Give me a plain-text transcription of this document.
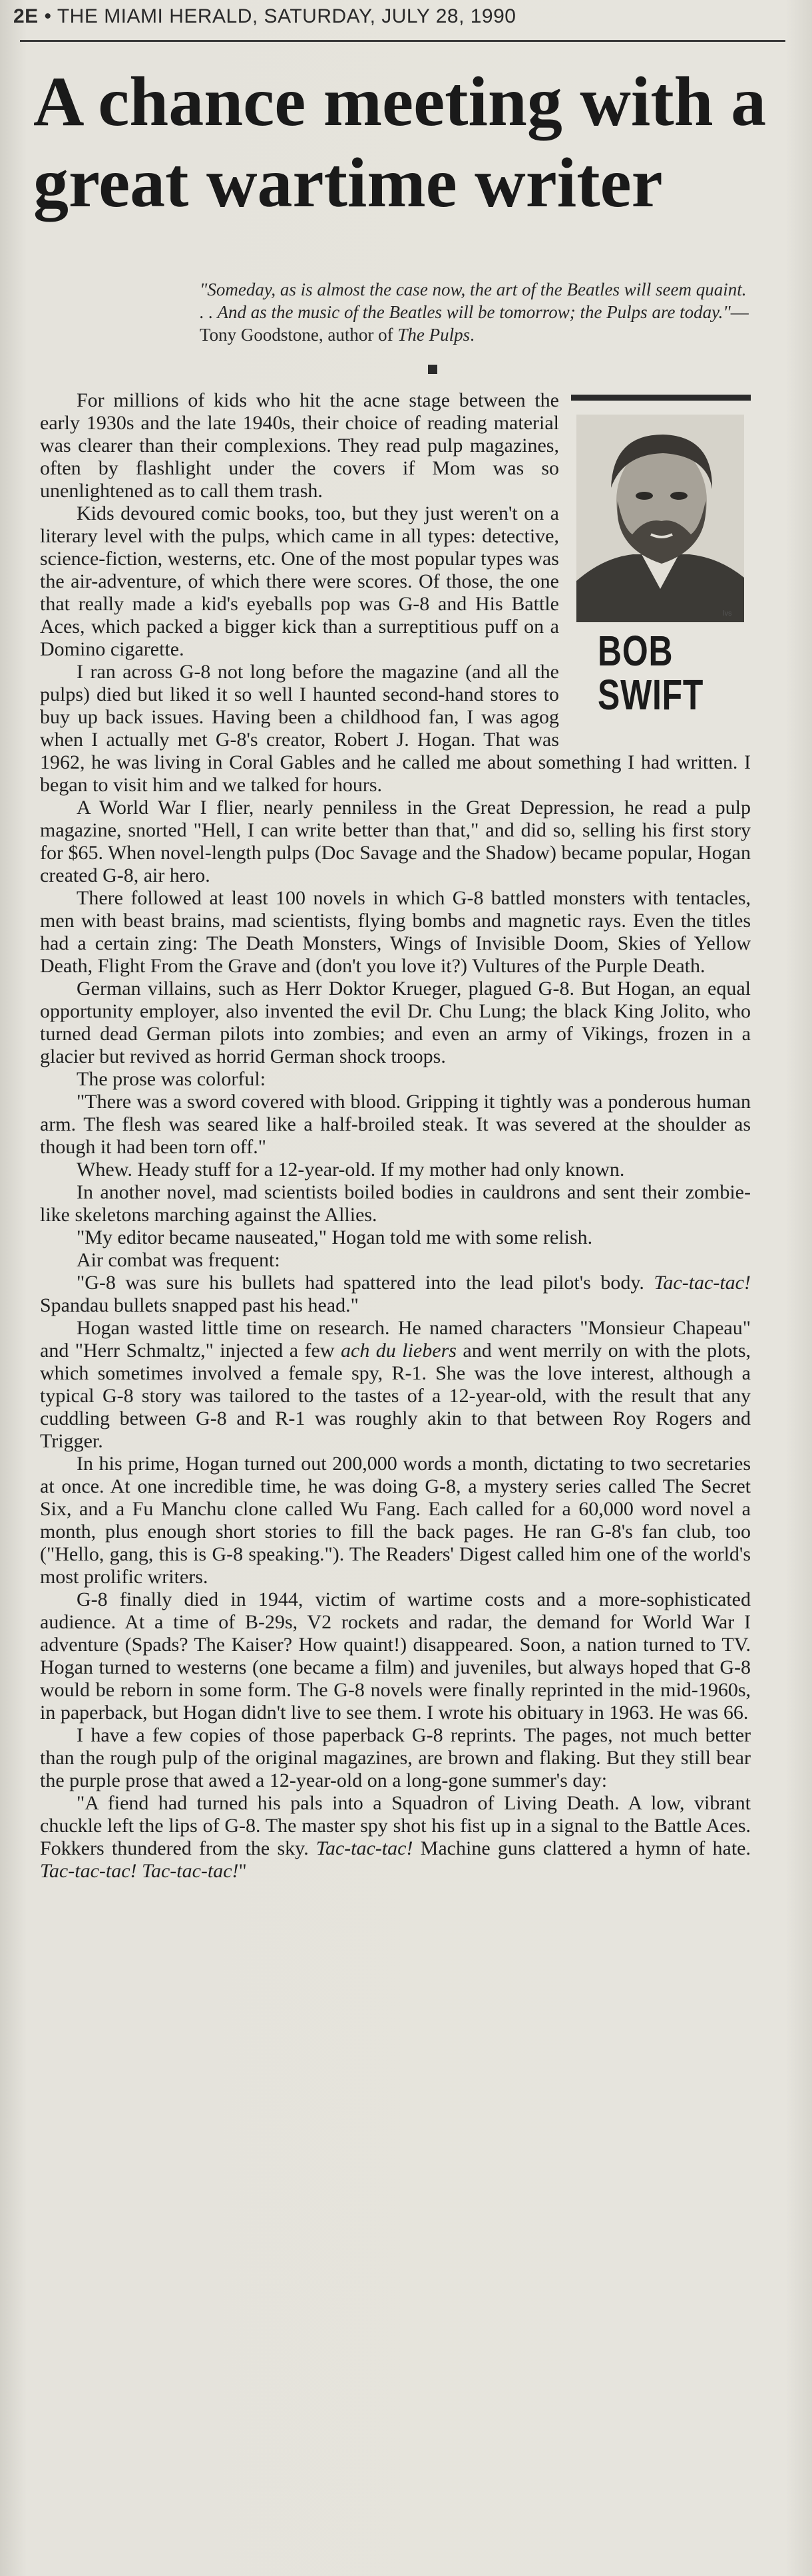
2E • THE MIAMI HERALD, SATURDAY, JULY 28, 1990
A chance meeting with a great wartime writer

"Someday, as is almost the case now, the art of the Beatles will seem quaint. . . And as the music of the Beatles will be tomorrow; the Pulps are today."— Tony Goodstone, author of The Pulps.

lvs
BOB
SWIFT

For millions of kids who hit the acne stage between the early 1930s and the late 1940s, their choice of reading material was clearer than their complexions. They read pulp magazines, often by flashlight under the covers if Mom was so unenlightened as to call them trash.

Kids devoured comic books, too, but they just weren't on a literary level with the pulps, which came in all types: detective, science-fiction, westerns, etc. One of the most popular types was the air-adventure, of which there were scores. Of those, the one that really made a kid's eyeballs pop was G-8 and His Battle Aces, which packed a bigger kick than a surreptitious puff on a Domino cigarette.

I ran across G-8 not long before the magazine (and all the pulps) died but liked it so well I haunted second-hand stores to buy up back issues. Having been a childhood fan, I was agog when I actually met G-8's creator, Robert J. Hogan. That was 1962, he was living in Coral Gables and he called me about something I had written. I began to visit him and we talked for hours.

A World War I flier, nearly penniless in the Great Depression, he read a pulp magazine, snorted "Hell, I can write better than that," and did so, selling his first story for $65. When novel-length pulps (Doc Savage and the Shadow) became popular, Hogan created G-8, air hero.

There followed at least 100 novels in which G-8 battled monsters with tentacles, men with beast brains, mad scientists, flying bombs and magnetic rays. Even the titles had a certain zing: The Death Monsters, Wings of Invisible Doom, Skies of Yellow Death, Flight From the Grave and (don't you love it?) Vultures of the Purple Death.

German villains, such as Herr Doktor Krueger, plagued G-8. But Hogan, an equal opportunity employer, also invented the evil Dr. Chu Lung; the black King Jolito, who turned dead German pilots into zombies; and even an army of Vikings, frozen in a glacier but revived as horrid German shock troops.

The prose was colorful:

"There was a sword covered with blood. Gripping it tightly was a ponderous human arm. The flesh was seared like a half-broiled steak. It was severed at the shoulder as though it had been torn off."

Whew. Heady stuff for a 12-year-old. If my mother had only known.

In another novel, mad scientists boiled bodies in cauldrons and sent their zombie-like skeletons marching against the Allies.

"My editor became nauseated," Hogan told me with some relish.

Air combat was frequent:

"G-8 was sure his bullets had spattered into the lead pilot's body. Tac-tac-tac! Spandau bullets snapped past his head."

Hogan wasted little time on research. He named characters "Monsieur Chapeau" and "Herr Schmaltz," injected a few ach du liebers and went merrily on with the plots, which sometimes involved a female spy, R-1. She was the love interest, although a typical G-8 story was tailored to the tastes of a 12-year-old, with the result that any cuddling between G-8 and R-1 was roughly akin to that between Roy Rogers and Trigger.

In his prime, Hogan turned out 200,000 words a month, dictating to two secretaries at once. At one incredible time, he was doing G-8, a mystery series called The Secret Six, and a Fu Manchu clone called Wu Fang. Each called for a 60,000 word novel a month, plus enough short stories to fill the back pages. He ran G-8's fan club, too ("Hello, gang, this is G-8 speaking."). The Readers' Digest called him one of the world's most prolific writers.

G-8 finally died in 1944, victim of wartime costs and a more-sophisticated audience. At a time of B-29s, V2 rockets and radar, the demand for World War I adventure (Spads? The Kaiser? How quaint!) disappeared. Soon, a nation turned to TV. Hogan turned to westerns (one became a film) and juveniles, but always hoped that G-8 would be reborn in some form. The G-8 novels were finally reprinted in the mid-1960s, in paperback, but Hogan didn't live to see them. I wrote his obituary in 1963. He was 66.

I have a few copies of those paperback G-8 reprints. The pages, not much better than the rough pulp of the original magazines, are brown and flaking. But they still bear the purple prose that awed a 12-year-old on a long-gone summer's day:

"A fiend had turned his pals into a Squadron of Living Death. A low, vibrant chuckle left the lips of G-8. The master spy shot his fist up in a signal to the Battle Aces. Fokkers thundered from the sky. Tac-tac-tac! Machine guns clattered a hymn of hate. Tac-tac-tac! Tac-tac-tac!"
